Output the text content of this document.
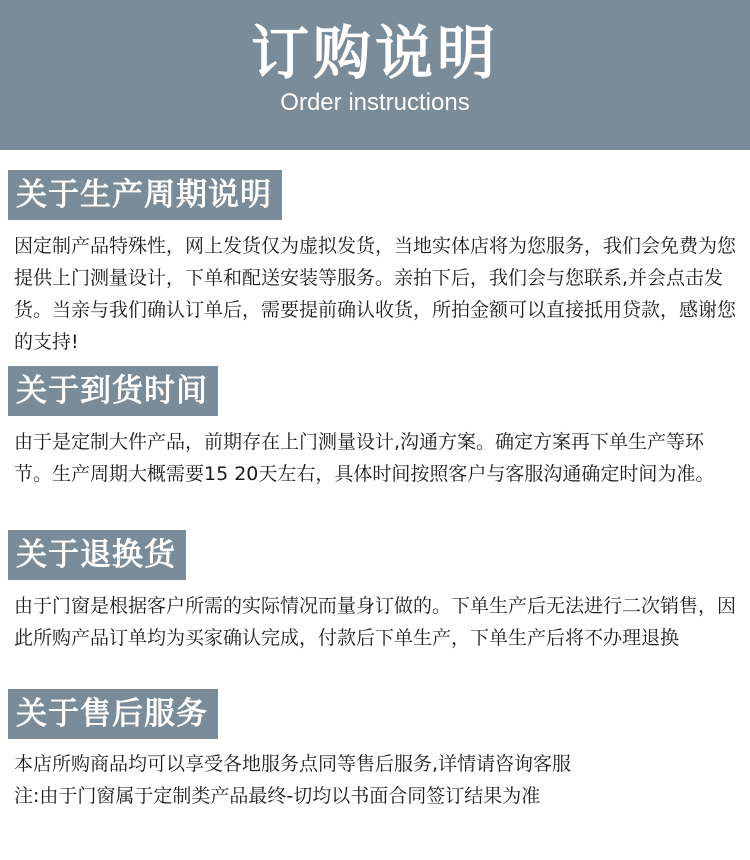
订购说明
Order instructions
关于生产周期说明

因定制产品特殊性，网上发货仅为虚拟发货，当地实体店将为您服务，我们会免费为您提供上门测量设计，下单和配送安装等服务。亲拍下后，我们会与您联系,并会点击发货。当亲与我们确认订单后，需要提前确认收货，所拍金额可以直接抵用贷款，感谢您的支持!

关于到货时间

由于是定制大件产品，前期存在上门测量设计,沟通方案。确定方案再下单生产等环节。生产周期大概需要15 20天左右，具体时间按照客户与客服沟通确定时间为准。

关于退换货

由于门窗是根据客户所需的实际情况而量身订做的。下单生产后无法进行二次销售，因此所购产品订单均为买家确认完成，付款后下单生产，下单生产后将不办理退换

关于售后服务

本店所购商品均可以享受各地服务点同等售后服务,详情请咨询客服

注:由于门窗属于定制类产品最终-切均以书面合同签订结果为准
